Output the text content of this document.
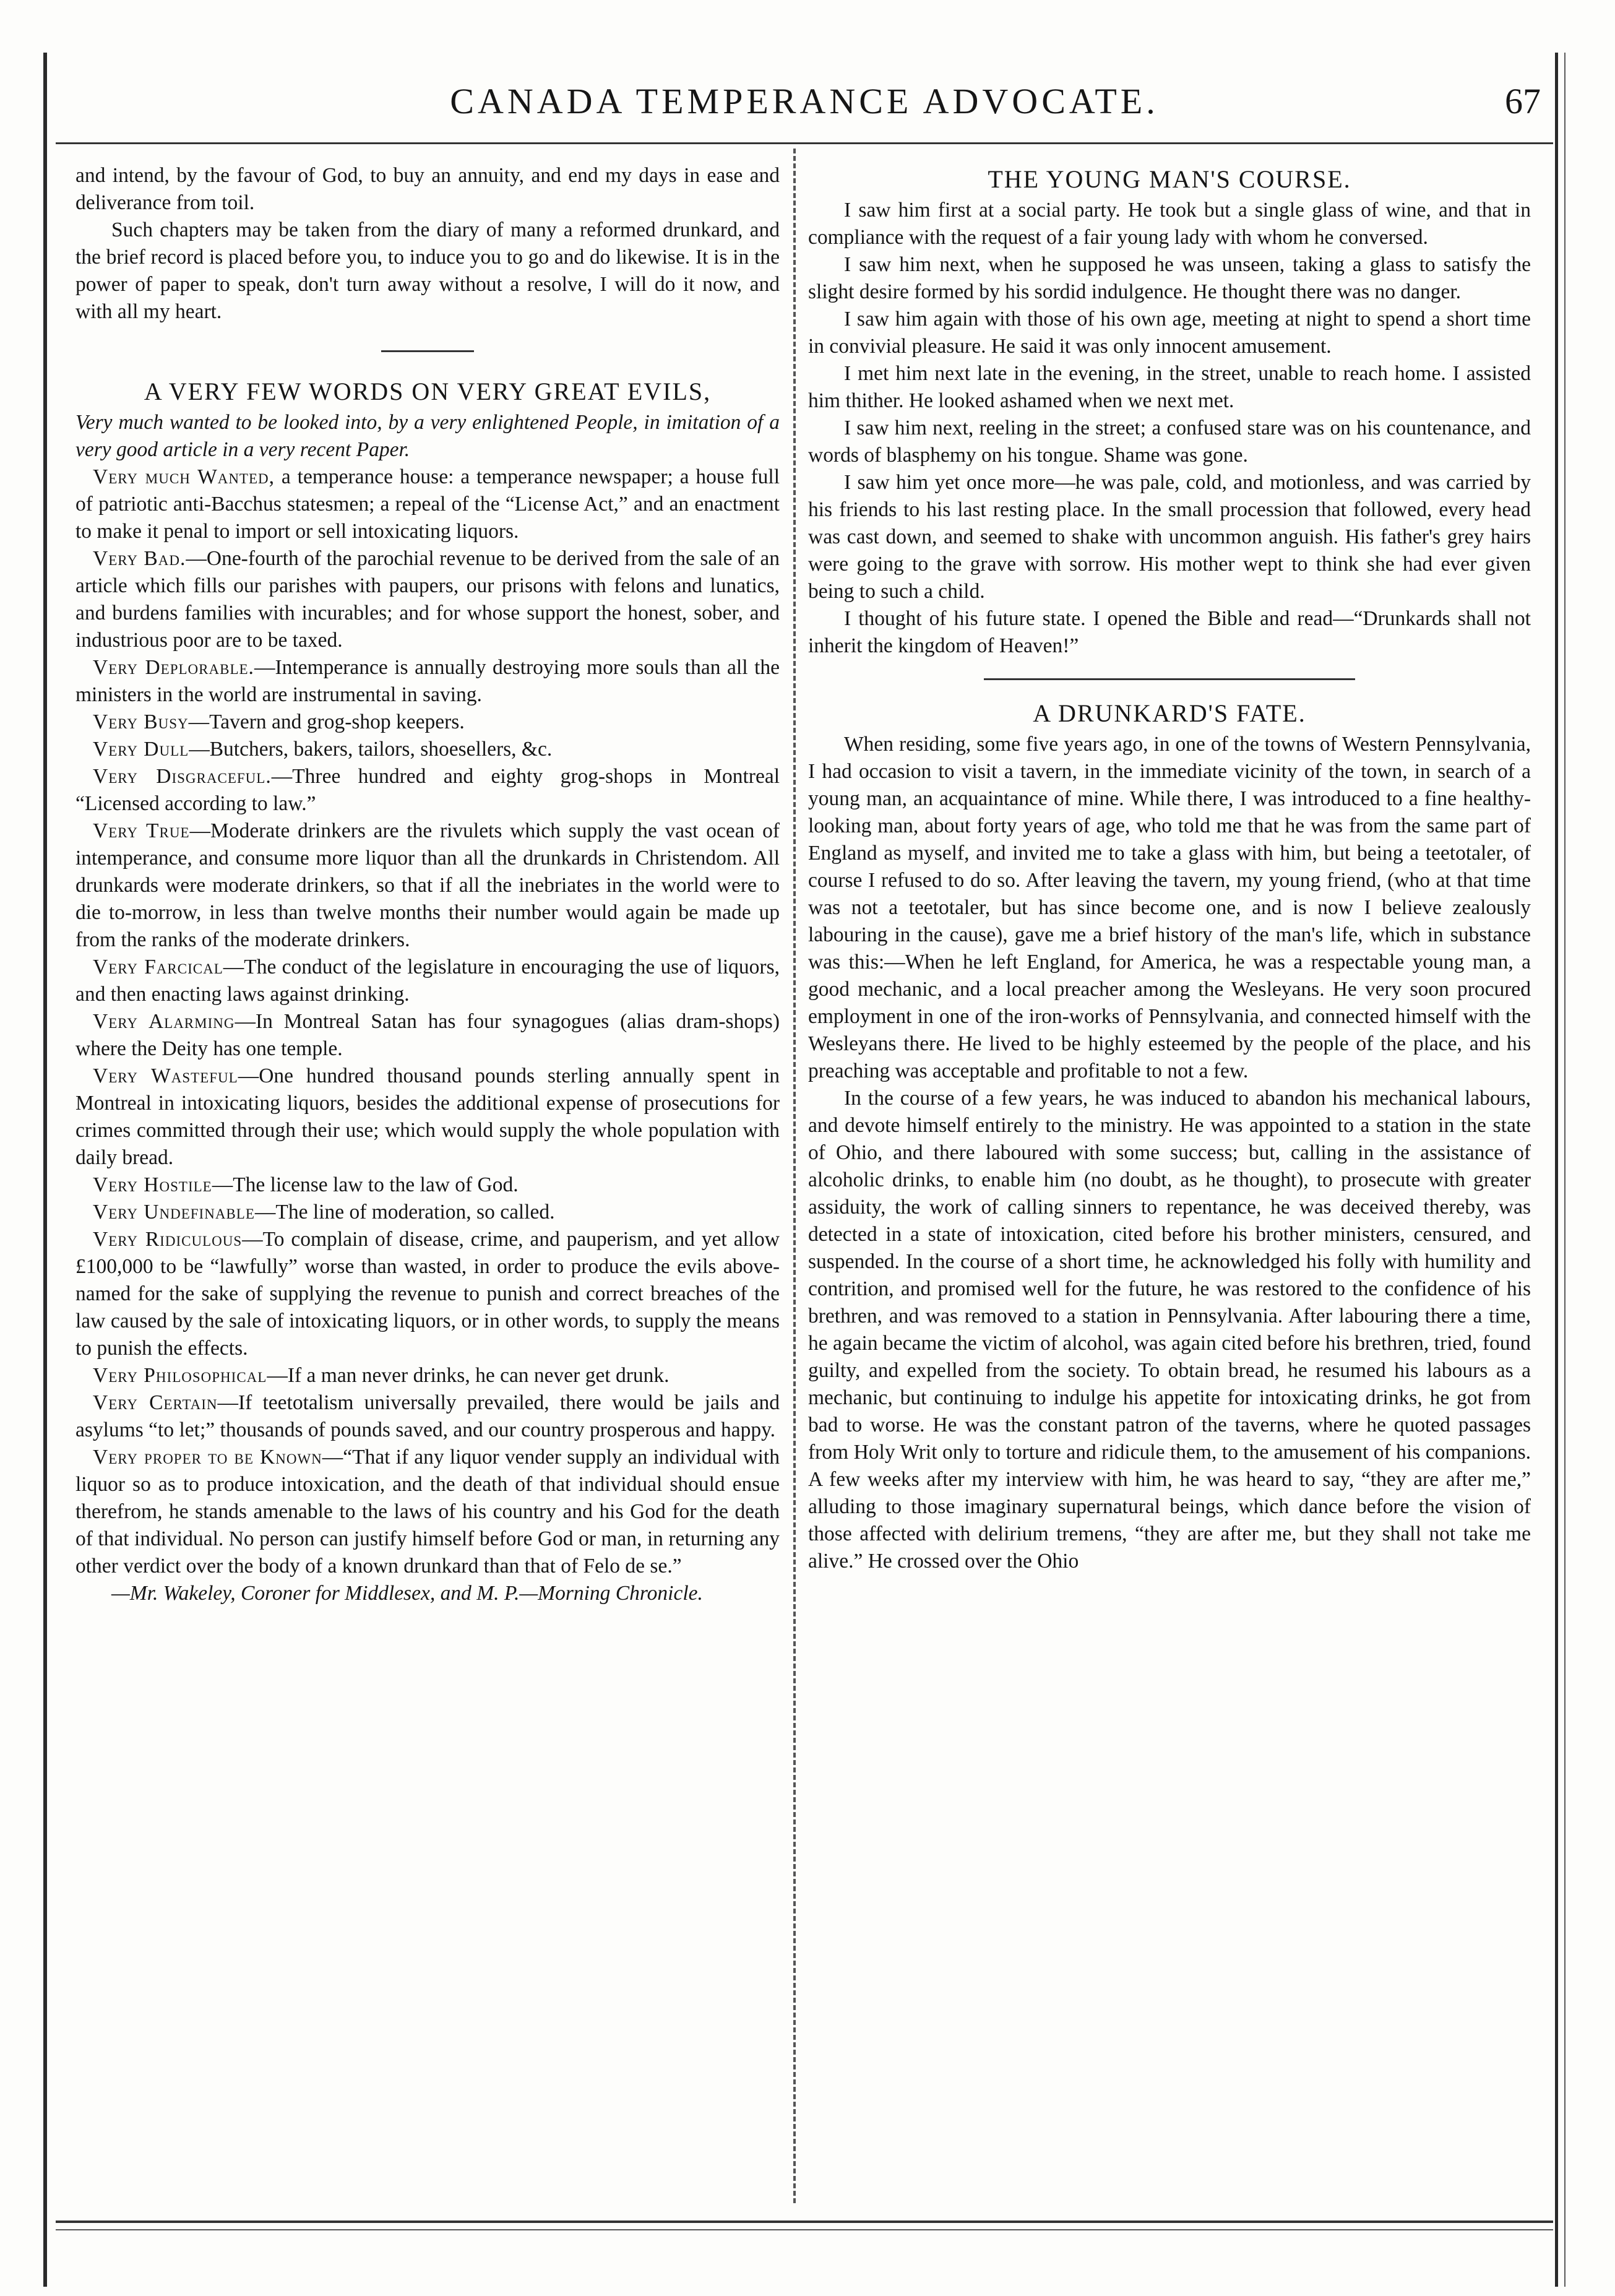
CANADA TEMPERANCE ADVOCATE.	67

and intend, by the favour of God, to buy an annuity, and end my days in ease and deliverance from toil.

Such chapters may be taken from the diary of many a reformed drunkard, and the brief record is placed before you, to induce you to go and do likewise. It is in the power of paper to speak, don't turn away without a resolve, I will do it now, and with all my heart.

A VERY FEW WORDS ON VERY GREAT EVILS,

Very much wanted to be looked into, by a very enlightened People, in imitation of a very good article in a very recent Paper.

Very much Wanted, a temperance house: a temperance newspaper; a house full of patriotic anti-Bacchus statesmen; a repeal of the “License Act,” and an enactment to make it penal to import or sell intoxicating liquors.

Very Bad.—One-fourth of the parochial revenue to be derived from the sale of an article which fills our parishes with paupers, our prisons with felons and lunatics, and burdens families with incurables; and for whose support the honest, sober, and industrious poor are to be taxed.

Very Deplorable.—Intemperance is annually destroying more souls than all the ministers in the world are instrumental in saving.

Very Busy—Tavern and grog-shop keepers.

Very Dull—Butchers, bakers, tailors, shoesellers, &c.

Very Disgraceful.—Three hundred and eighty grog-shops in Montreal “Licensed according to law.”

Very True—Moderate drinkers are the rivulets which supply the vast ocean of intemperance, and consume more liquor than all the drunkards in Christendom. All drunkards were moderate drinkers, so that if all the inebriates in the world were to die to-morrow, in less than twelve months their number would again be made up from the ranks of the moderate drinkers.

Very Farcical—The conduct of the legislature in encouraging the use of liquors, and then enacting laws against drinking.

Very Alarming—In Montreal Satan has four synagogues (alias dram-shops) where the Deity has one temple.

Very Wasteful—One hundred thousand pounds sterling annually spent in Montreal in intoxicating liquors, besides the additional expense of prosecutions for crimes committed through their use; which would supply the whole population with daily bread.

Very Hostile—The license law to the law of God.

Very Undefinable—The line of moderation, so called.

Very Ridiculous—To complain of disease, crime, and pauperism, and yet allow £100,000 to be “lawfully” worse than wasted, in order to produce the evils above-named for the sake of supplying the revenue to punish and correct breaches of the law caused by the sale of intoxicating liquors, or in other words, to supply the means to punish the effects.

Very Philosophical—If a man never drinks, he can never get drunk.

Very Certain—If teetotalism universally prevailed, there would be jails and asylums “to let;” thousands of pounds saved, and our country prosperous and happy.

Very proper to be Known—“That if any liquor vender supply an individual with liquor so as to produce intoxication, and the death of that individual should ensue therefrom, he stands amenable to the laws of his country and his God for the death of that individual. No person can justify himself before God or man, in returning any other verdict over the body of a known drunkard than that of Felo de se.”

—Mr. Wakeley, Coroner for Middlesex, and M. P.—Morning Chronicle.

THE YOUNG MAN'S COURSE.

I saw him first at a social party. He took but a single glass of wine, and that in compliance with the request of a fair young lady with whom he conversed.

I saw him next, when he supposed he was unseen, taking a glass to satisfy the slight desire formed by his sordid indulgence. He thought there was no danger.

I saw him again with those of his own age, meeting at night to spend a short time in convivial pleasure. He said it was only innocent amusement.

I met him next late in the evening, in the street, unable to reach home. I assisted him thither. He looked ashamed when we next met.

I saw him next, reeling in the street; a confused stare was on his countenance, and words of blasphemy on his tongue. Shame was gone.

I saw him yet once more—he was pale, cold, and motionless, and was carried by his friends to his last resting place. In the small procession that followed, every head was cast down, and seemed to shake with uncommon anguish. His father's grey hairs were going to the grave with sorrow. His mother wept to think she had ever given being to such a child.

I thought of his future state. I opened the Bible and read—“Drunkards shall not inherit the kingdom of Heaven!”

A DRUNKARD'S FATE.

When residing, some five years ago, in one of the towns of Western Pennsylvania, I had occasion to visit a tavern, in the immediate vicinity of the town, in search of a young man, an acquaintance of mine. While there, I was introduced to a fine healthy-looking man, about forty years of age, who told me that he was from the same part of England as myself, and invited me to take a glass with him, but being a teetotaler, of course I refused to do so. After leaving the tavern, my young friend, (who at that time was not a teetotaler, but has since become one, and is now I believe zealously labouring in the cause), gave me a brief history of the man's life, which in substance was this:—When he left England, for America, he was a respectable young man, a good mechanic, and a local preacher among the Wesleyans. He very soon procured employment in one of the iron-works of Pennsylvania, and connected himself with the Wesleyans there. He lived to be highly esteemed by the people of the place, and his preaching was acceptable and profitable to not a few.

In the course of a few years, he was induced to abandon his mechanical labours, and devote himself entirely to the ministry. He was appointed to a station in the state of Ohio, and there laboured with some success; but, calling in the assistance of alcoholic drinks, to enable him (no doubt, as he thought), to prosecute with greater assiduity, the work of calling sinners to repentance, he was deceived thereby, was detected in a state of intoxication, cited before his brother ministers, censured, and suspended. In the course of a short time, he acknowledged his folly with humility and contrition, and promised well for the future, he was restored to the confidence of his brethren, and was removed to a station in Pennsylvania. After labouring there a time, he again became the victim of alcohol, was again cited before his brethren, tried, found guilty, and expelled from the society. To obtain bread, he resumed his labours as a mechanic, but continuing to indulge his appetite for intoxicating drinks, he got from bad to worse. He was the constant patron of the taverns, where he quoted passages from Holy Writ only to torture and ridicule them, to the amusement of his companions. A few weeks after my interview with him, he was heard to say, “they are after me,” alluding to those imaginary supernatural beings, which dance before the vision of those affected with delirium tremens, “they are after me, but they shall not take me alive.” He crossed over the Ohio
